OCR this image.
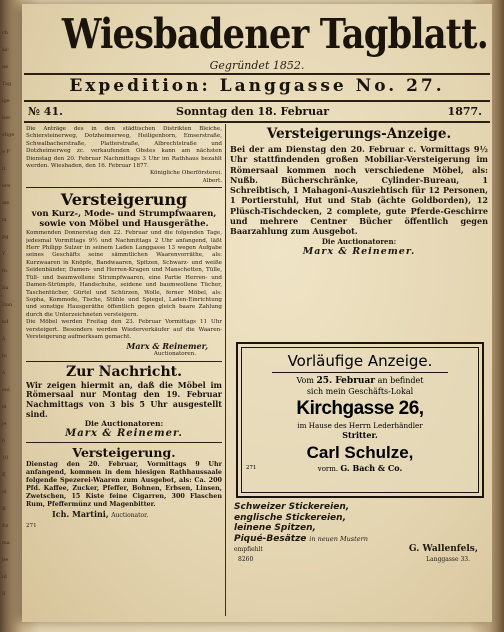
ch

sic

ne

Tag

ige

ber

stige

e P

it

ere

am

ts

pg

Y

fe.

nu

Dan

nd

ä

te

a

ent

ei

je

6

10

K

ei

R

Ez

ma

be

ld

il

Wiesbadener Tagblatt.
Gegründet 1852.
Expedition: Langgasse No. 27.
№ 41.	Sonntag den 18. Februar	1877.

Die Anträge des in den städtischen Distrikten Bleiche, Schiersteinerweg, Dotzheimerweg, Heiligenborn, Emserstraße, Schwalbacherstraße, Platterstraße, Albrechtstraße und Dotzheimerweg zc. verkaufenden Obstes kann am nächsten Dienstag den 20. Februar Nachmittags 3 Uhr im Rathhaus bezahlt werden. Wiesbaden, den 16. Februar 1877.

Königliche Oberförsterei.

Albert.

Versteigerung

von Kurz-, Mode- und Strumpfwaaren, sowie von Möbel und Hausgeräthe.

Kommenden Donnerstag den 22. Februar und die folgenden Tage, jedesmal Vormittags 9½ und Nachmittags 2 Uhr anfangend, läßt Herr Philipp Sulzer in seinem Laden Langgasse 13 wegen Aufgabe seines Geschäfts seine sämmtlichen Waarenvorräthe, als: Kurzwaaren in Knöpfe, Bandwaaren, Spitzen, Schwarz- und weiße Seidenbänder, Damen- und Herren-Kragen und Manschetten, Tülle, Tüll- und baumwollene Strumpfwaaren, eine Partie Herren- und Damen-Strümpfe, Handschuhe, seidene und baumwollene Tücher, Taschentücher, Gürtel und Schürzen, Wolle, ferner Möbel, als: Sopha, Kommode, Tische, Stühle und Spiegel, Laden-Einrichtung und sonstige Hausgeräthe öffentlich gegen gleich baare Zahlung durch die Unterzeichneten versteigern.

Die Möbel werden Freitag den 23. Februar Vormittags 11 Uhr versteigert. Besonders werden Wiederverkäufer auf die Waaren-Versteigerung aufmerksam gemacht.

Marx & Reinemer,

Auctionatoren.

Zur Nachricht.

Wir zeigen hiermit an, daß die Möbel im Römersaal nur Montag den 19. Februar Nachmittags von 3 bis 5 Uhr ausgestellt sind.

Die Auctionatoren:

Marx & Reinemer.

Versteigerung.

Dienstag den 20. Februar, Vormittags 9 Uhr anfangend, kommen in dem hiesigen Rathhaussaale folgende Spezerei-Waaren zum Ausgebot, als: Ca. 200 Pfd. Kaffee, Zucker, Pfeffer, Bohnen, Erbsen, Linsen, Zwetschen, 15 Kiste feine Cigarren, 300 Flaschen Rum, Pfeffermünz und Magenbitter.

Ich. Martini, Auctionator.

271

Versteigerungs-Anzeige.

Bei der am Dienstag den 20. Februar c. Vormittags 9½ Uhr stattfindenden großen Mobiliar-Versteigerung im Römersaal kommen noch verschiedene Möbel, als: Nußb. Bücherschränke, Cylinder-Bureau, 1 Schreibtisch, 1 Mahagoni-Ausziehtisch für 12 Personen, 1 Portierstuhl, Hut und Stab (ächte Goldborden), 12 Plüsch-Tischdecken, 2 complete, gute Pferde-Geschirre und mehrere Centner Bücher öffentlich gegen Baarzahlung zum Ausgebot.

Die Auctionatoren:

Marx & Reinemer.

Vorläufige Anzeige.

Vom 25. Februar an befindet

sich mein Geschäfts-Lokal

Kirchgasse 26,

im Hause des Herrn Lederhändler

Stritter.

Carl Schulze,

271	vorm. G. Bach & Co.

Schweizer Stickereien,

englische Stickereien,

leinene Spitzen,

Piqué-Besätze in neuen Mustern

empfiehlt	G. Wallenfels,

8260	Langgasse 33.
